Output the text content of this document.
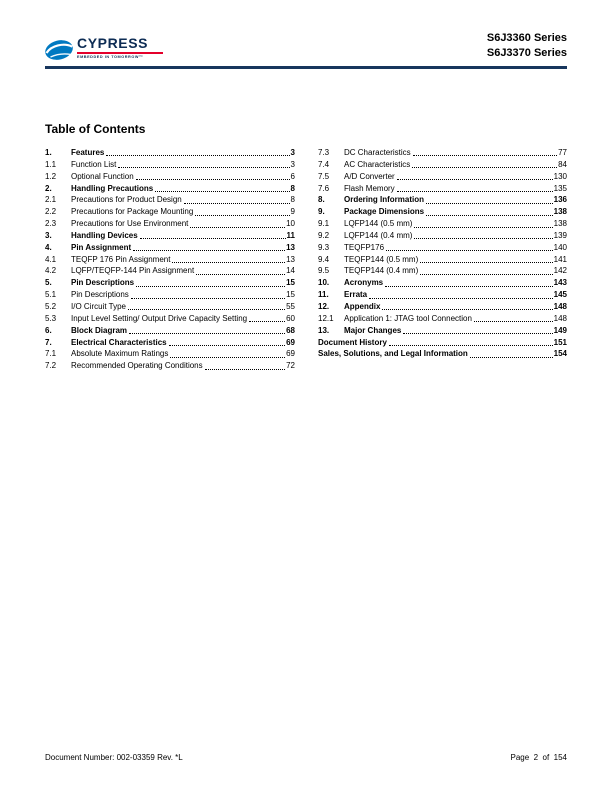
CYPRESS
EMBEDDED IN TOMORROW™
S6J3360 Series
S6J3370 Series
Table of Contents
1.	Features	3
1.1	Function List	3
1.2	Optional Function	6
2.	Handling Precautions	8
2.1	Precautions for Product Design	8
2.2	Precautions for Package Mounting	9
2.3	Precautions for Use Environment	10
3.	Handling Devices	11
4.	Pin Assignment	13
4.1	TEQFP 176 Pin Assignment	13
4.2	LQFP/TEQFP-144 Pin Assignment	14
5.	Pin Descriptions	15
5.1	Pin Descriptions	15
5.2	I/O Circuit Type	55
5.3	Input Level Setting/ Output Drive Capacity Setting	60
6.	Block Diagram	68
7.	Electrical Characteristics	69
7.1	Absolute Maximum Ratings	69
7.2	Recommended Operating Conditions	72
7.3	DC Characteristics	77
7.4	AC Characteristics	84
7.5	A/D Converter	130
7.6	Flash Memory	135
8.	Ordering Information	136
9.	Package Dimensions	138
9.1	LQFP144 (0.5 mm)	138
9.2	LQFP144 (0.4 mm)	139
9.3	TEQFP176	140
9.4	TEQFP144 (0.5 mm)	141
9.5	TEQFP144 (0.4 mm)	142
10.	Acronyms	143
11.	Errata	145
12.	Appendix	148
12.1	Application 1: JTAG tool Connection	148
13.	Major Changes	149
Document History	151
Sales, Solutions, and Legal Information	154
Document Number: 002-03359 Rev. *L	Page  2  of  154
